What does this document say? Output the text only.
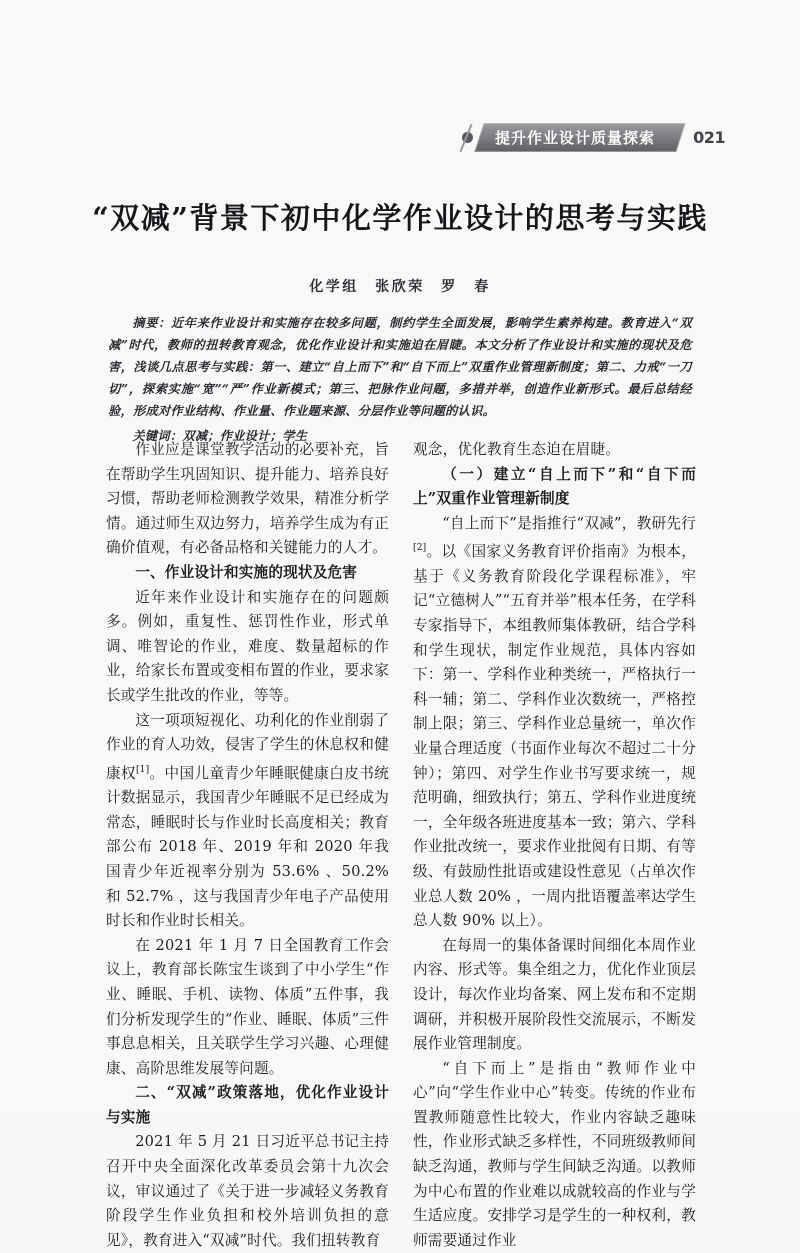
提升作业设计质量探索	021
“双减”背景下初中化学作业设计的思考与实践
化学组　张欣荣　罗　春

摘要：近年来作业设计和实施存在较多问题，制约学生全面发展，影响学生素养构建。教育进入“双减”时代，教师的扭转教育观念，优化作业设计和实施迫在眉睫。本文分析了作业设计和实施的现状及危害，浅谈几点思考与实践：第一、建立“自上而下”和“自下而上”双重作业管理新制度；第二、力戒“一刀切”，探索实施“宽”“严”作业新模式；第三、把脉作业问题，多措并举，创造作业新形式。最后总结经验，形成对作业结构、作业量、作业题来源、分层作业等问题的认识。

关键词：双减；作业设计；学生

作业应是课堂教学活动的必要补充，旨在帮助学生巩固知识、提升能力、培养良好习惯，帮助老师检测教学效果，精准分析学情。通过师生双边努力，培养学生成为有正确价值观，有必备品格和关键能力的人才。

一、作业设计和实施的现状及危害

近年来作业设计和实施存在的问题颇多。例如，重复性、惩罚性作业，形式单调、唯智论的作业，难度、数量超标的作业，给家长布置或变相布置的作业，要求家长或学生批改的作业，等等。

这一项项短视化、功利化的作业削弱了作业的育人功效，侵害了学生的休息权和健康权[1]。中国儿童青少年睡眠健康白皮书统计数据显示，我国青少年睡眠不足已经成为常态，睡眠时长与作业时长高度相关；教育部公布 2018 年、2019 年和 2020 年我国青少年近视率分别为 53.6% 、50.2% 和 52.7% ，这与我国青少年电子产品使用时长和作业时长相关。

在 2021 年 1 月 7 日全国教育工作会议上，教育部长陈宝生谈到了中小学生“作业、睡眠、手机、读物、体质”五件事，我们分析发现学生的“作业、睡眠、体质”三件事息息相关，且关联学生学习兴趣、心理健康、高阶思维发展等问题。

二、“双减”政策落地，优化作业设计与实施

2021 年 5 月 21 日习近平总书记主持召开中央全面深化改革委员会第十九次会议，审议通过了《关于进一步减轻义务教育阶段学生作业负担和校外培训负担的意见》，教育进入“双减”时代。我们扭转教育

观念，优化教育生态迫在眉睫。

（一）建立“自上而下”和“自下而上”双重作业管理新制度

“自上而下”是指推行“双减”，教研先行[2]。以《国家义务教育评价指南》为根本，基于《义务教育阶段化学课程标准》，牢记“立德树人”“五育并举”根本任务，在学科专家指导下，本组教师集体教研，结合学科和学生现状，制定作业规范，具体内容如下：第一、学科作业种类统一，严格执行一科一辅；第二、学科作业次数统一，严格控制上限；第三、学科作业总量统一，单次作业量合理适度（书面作业每次不超过二十分钟）；第四、对学生作业书写要求统一，规范明确，细致执行；第五、学科作业进度统一，全年级各班进度基本一致；第六、学科作业批改统一，要求作业批阅有日期、有等级、有鼓励性批语或建设性意见（占单次作业总人数 20% ，一周内批语覆盖率达学生总人数 90% 以上）。

在每周一的集体备课时间细化本周作业内容、形式等。集全组之力，优化作业顶层设计，每次作业均备案、网上发布和不定期调研，并积极开展阶段性交流展示，不断发展作业管理制度。

“自下而上”是指由“教师作业中心”向“学生作业中心”转变。传统的作业布置教师随意性比较大，作业内容缺乏趣味性，作业形式缺乏多样性，不同班级教师间缺乏沟通，教师与学生间缺乏沟通。以教师为中心布置的作业难以成就较高的作业与学生适应度。安排学习是学生的一种权利，教师需要通过作业
